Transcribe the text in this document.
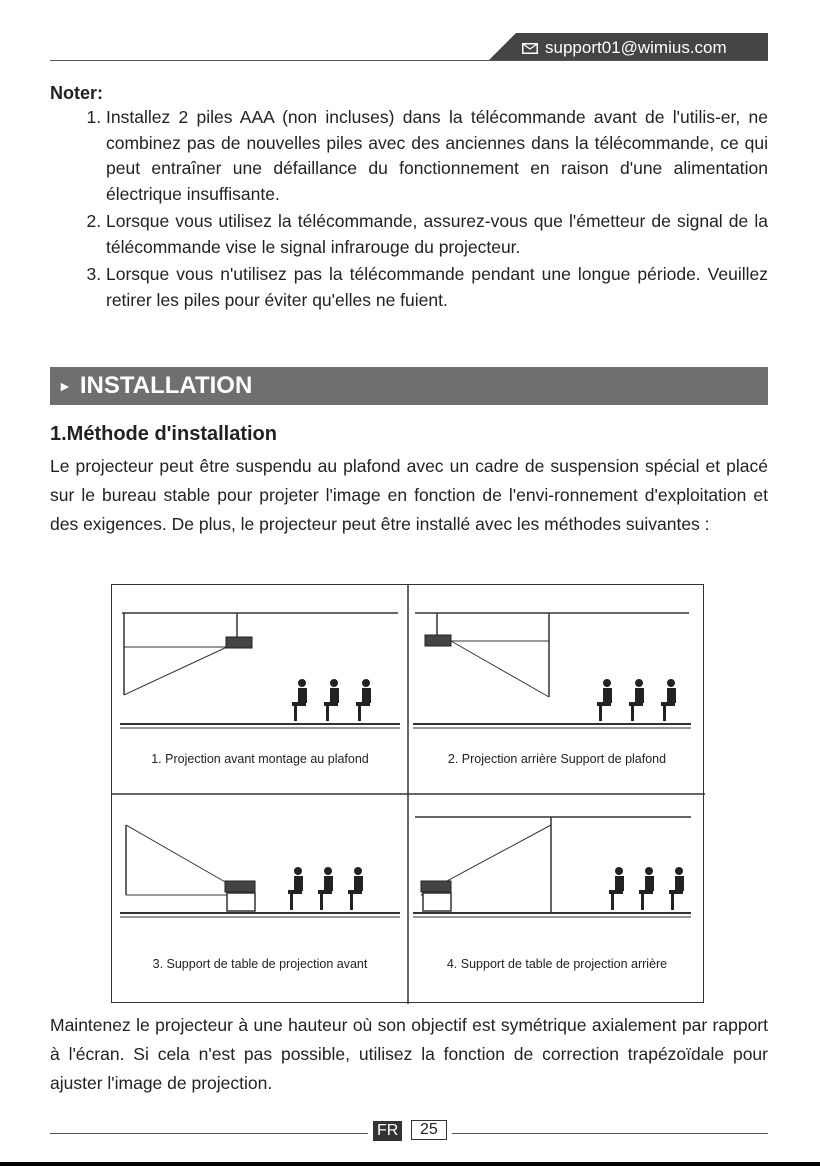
support01@wimius.com
Noter:
1. Installez 2 piles AAA (non incluses) dans la télécommande avant de l'utilis-er, ne combinez pas de nouvelles piles avec des anciennes dans la télécommande, ce qui peut entraîner une défaillance du fonctionnement en raison d'une alimentation électrique insuffisante.
2. Lorsque vous utilisez la télécommande, assurez-vous que l'émetteur de signal de la télécommande vise le signal infrarouge du projecteur.
3. Lorsque vous n'utilisez pas la télécommande pendant une longue période. Veuillez retirer les piles pour éviter qu'elles ne fuient.
► INSTALLATION
1.Méthode d'installation

Le projecteur peut être suspendu au plafond avec un cadre de suspension spécial et placé sur le bureau stable pour projeter l'image en fonction de l'envi-ronnement d'exploitation et des exigences. De plus, le projecteur peut être installé avec les méthodes suivantes :

1. Projection avant montage au plafond	2. Projection arrière Support de plafond
3. Support de table de projection avant	4. Support de table de projection arrière

Maintenez le projecteur à une hauteur où son objectif est symétrique axialement par rapport à l'écran. Si cela n'est pas possible, utilisez la fonction de correction trapézoïdale pour ajuster l'image de projection.

FR	25
